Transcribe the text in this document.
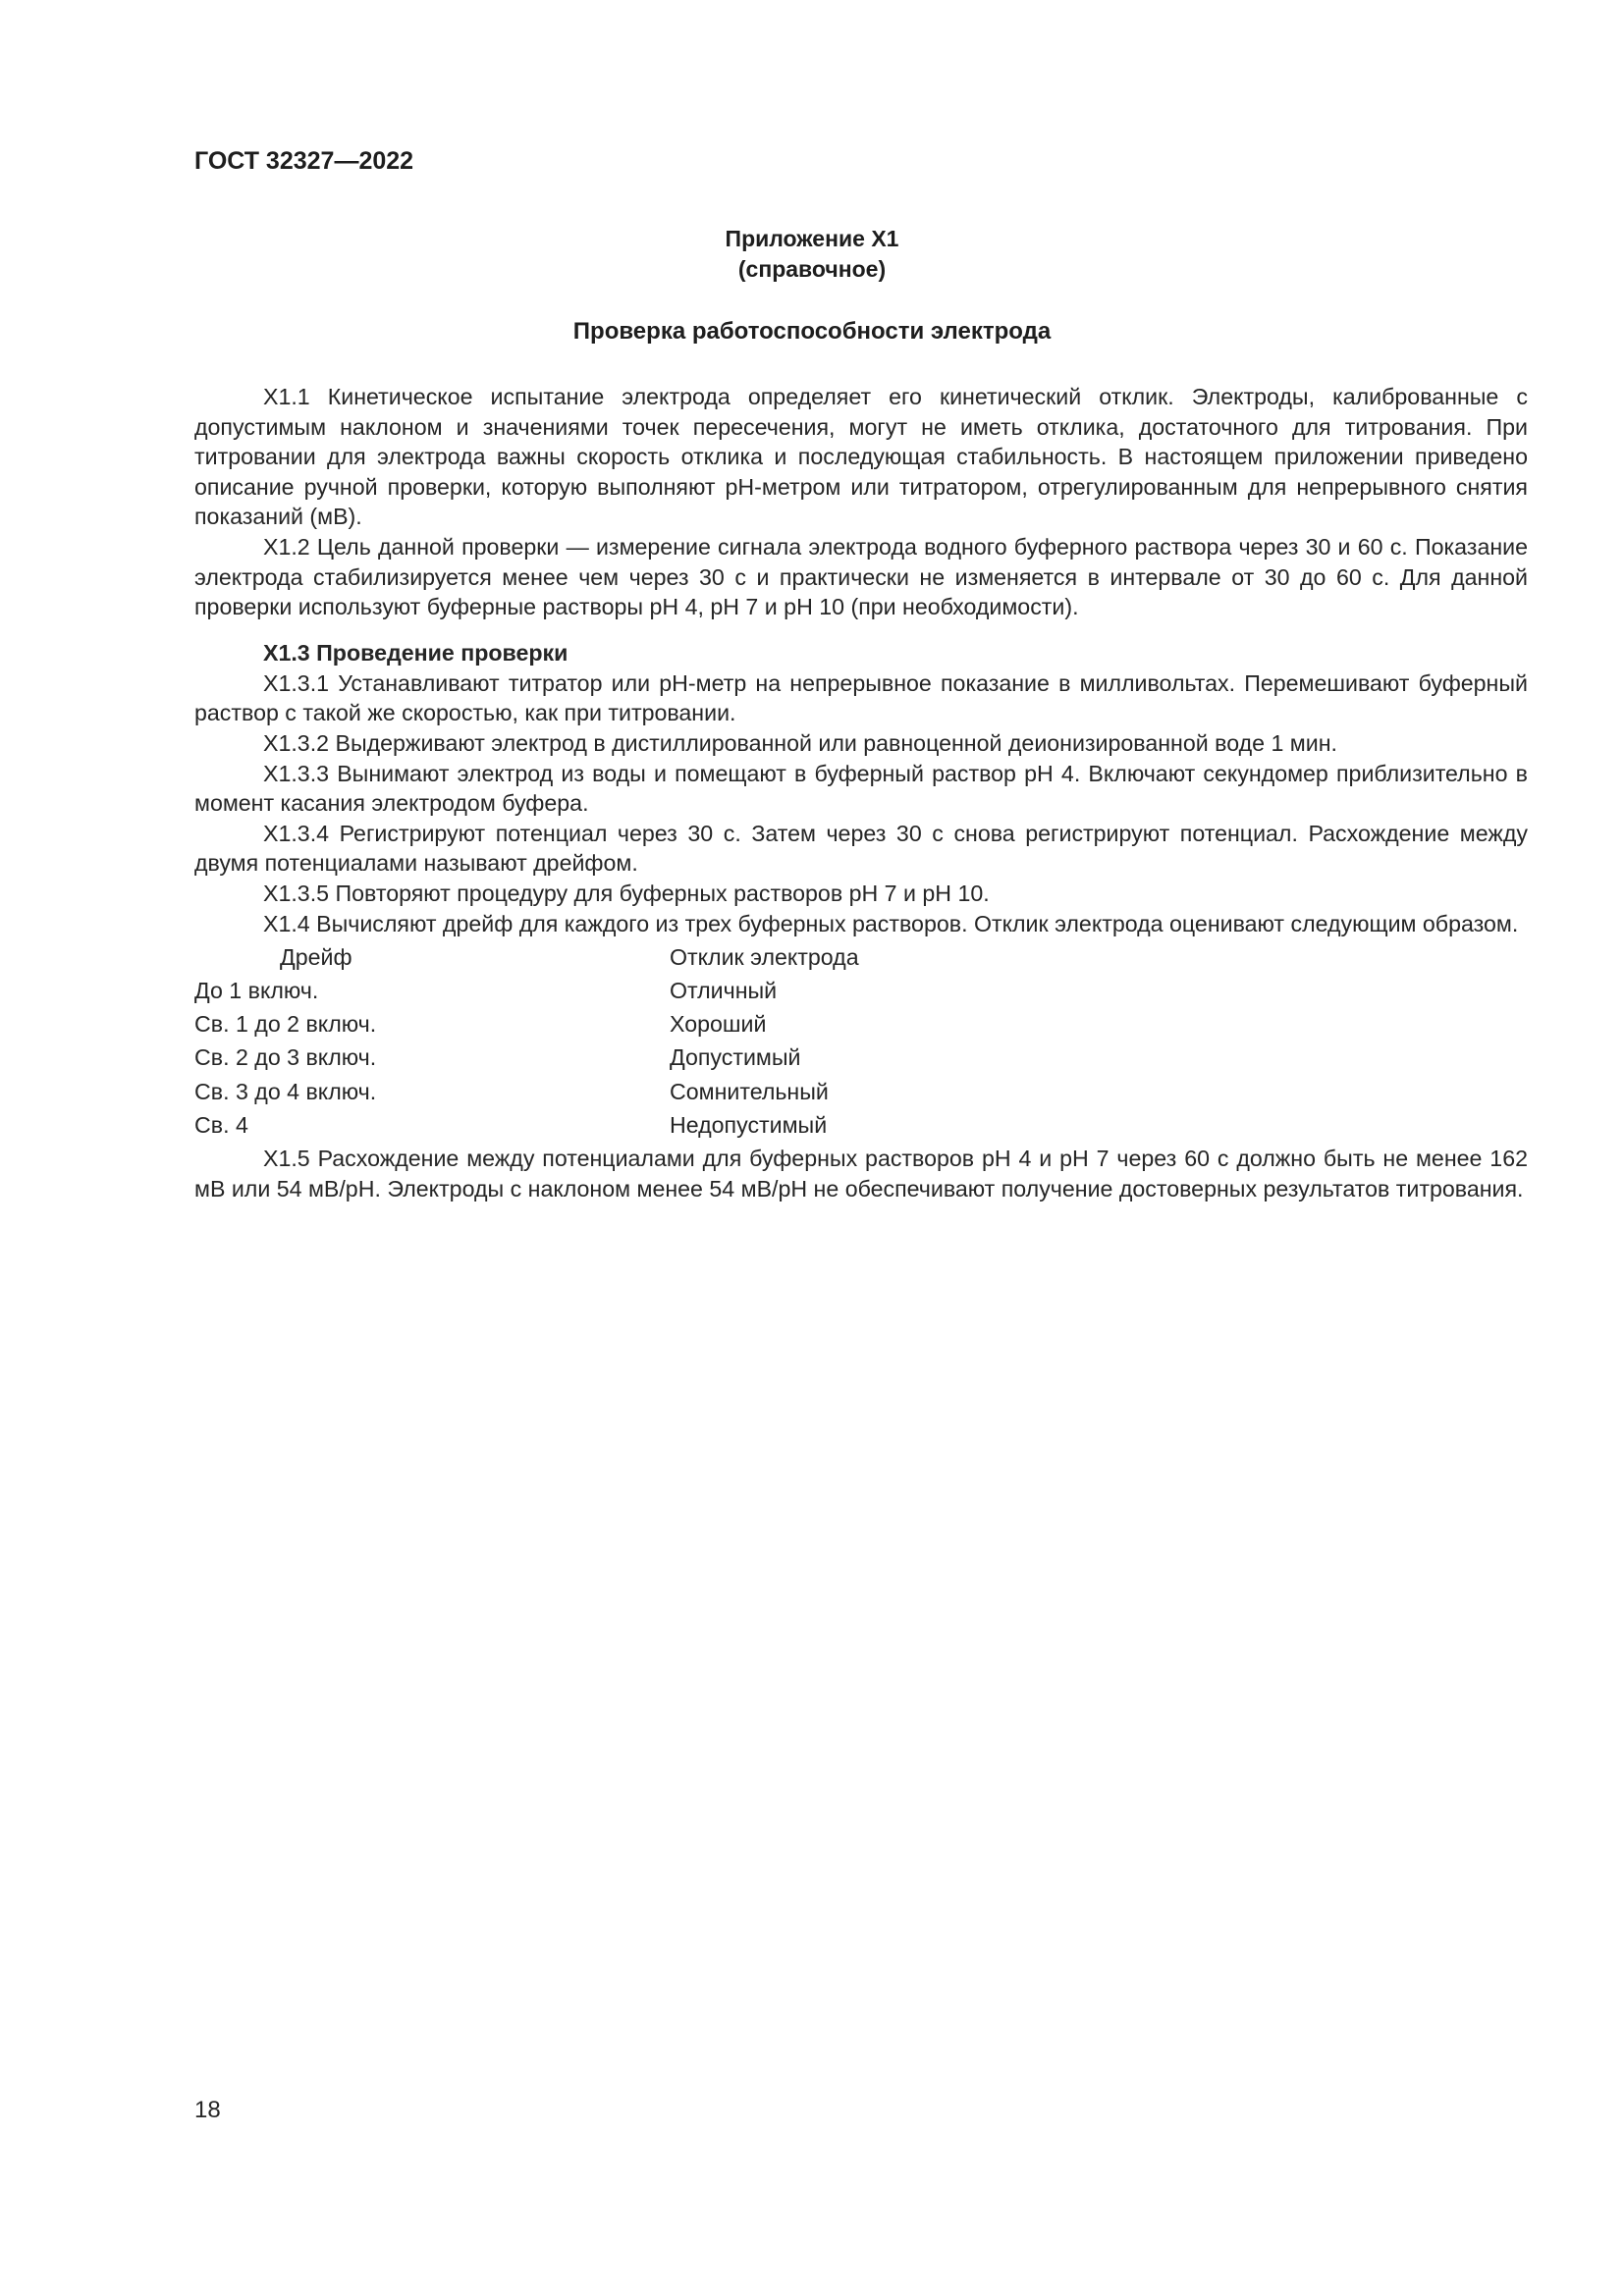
ГОСТ 32327—2022
Приложение X1
(справочное)
Проверка работоспособности электрода

X1.1 Кинетическое испытание электрода определяет его кинетический отклик. Электроды, калиброванные с допустимым наклоном и значениями точек пересечения, могут не иметь отклика, достаточного для титрования. При титровании для электрода важны скорость отклика и последующая стабильность. В настоящем приложении приведено описание ручной проверки, которую выполняют pH-метром или титратором, отрегулированным для непрерывного снятия показаний (мВ).

X1.2 Цель данной проверки — измерение сигнала электрода водного буферного раствора через 30 и 60 с. Показание электрода стабилизируется менее чем через 30 с и практически не изменяется в интервале от 30 до 60 с. Для данной проверки используют буферные растворы pH 4, pH 7 и pH 10 (при необходимости).

X1.3 Проведение проверки

X1.3.1 Устанавливают титратор или pH-метр на непрерывное показание в милливольтах. Перемешивают буферный раствор с такой же скоростью, как при титровании.

X1.3.2 Выдерживают электрод в дистиллированной или равноценной деионизированной воде 1 мин.

X1.3.3 Вынимают электрод из воды и помещают в буферный раствор pH 4. Включают секундомер приблизительно в момент касания электродом буфера.

X1.3.4 Регистрируют потенциал через 30 с. Затем через 30 с снова регистрируют потенциал. Расхождение между двумя потенциалами называют дрейфом.

X1.3.5 Повторяют процедуру для буферных растворов pH 7 и pH 10.

X1.4 Вычисляют дрейф для каждого из трех буферных растворов. Отклик электрода оценивают следующим образом.

Дрейф	Отклик электрода
До 1 включ.	Отличный
Св. 1 до 2 включ.	Хороший
Св. 2 до 3 включ.	Допустимый
Св. 3 до 4 включ.	Сомнительный
Св. 4	Недопустимый

X1.5 Расхождение между потенциалами для буферных растворов pH 4 и pH 7 через 60 с должно быть не менее 162 мВ или 54 мВ/pH. Электроды с наклоном менее 54 мВ/pH не обеспечивают получение достоверных результатов титрования.

18
